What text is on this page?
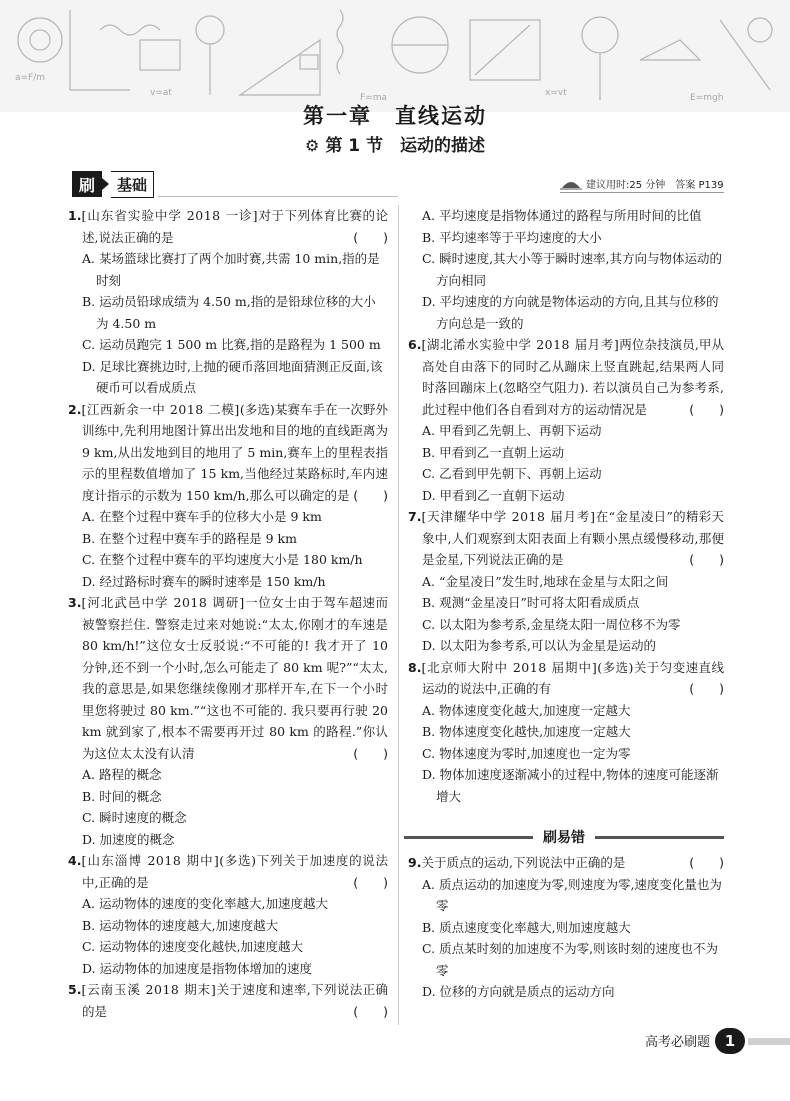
a=F/m
v=at	F=ma	x=vt	E=mgh
第一章　直线运动
⚙ 第 1 节　 运动的描述
刷	基础	建议用时:25 分钟　答案 P139
1.[山东省实验中学 2018 一诊]对于下列体育比赛的论述,说法正确的是	(　　)
A. 某场篮球比赛打了两个加时赛,共需 10 min,指的是时刻
B. 运动员铅球成绩为 4.50 m,指的是铅球位移的大小为 4.50 m
C. 运动员跑完 1 500 m 比赛,指的是路程为 1 500 m
D. 足球比赛挑边时,上抛的硬币落回地面猜测正反面,该硬币可以看成质点
2.[江西新余一中 2018 二模](多选)某赛车手在一次野外训练中,先利用地图计算出出发地和目的地的直线距离为 9 km,从出发地到目的地用了 5 min,赛车上的里程表指示的里程数值增加了 15 km,当他经过某路标时,车内速度计指示的示数为 150 km/h,那么可以确定的是 (　　)
A. 在整个过程中赛车手的位移大小是 9 km
B. 在整个过程中赛车手的路程是 9 km
C. 在整个过程中赛车的平均速度大小是 180 km/h
D. 经过路标时赛车的瞬时速率是 150 km/h
3.[河北武邑中学 2018 调研]一位女士由于驾车超速而被警察拦住. 警察走过来对她说:“太太,你刚才的车速是 80 km/h!”这位女士反驳说:“不可能的! 我才开了 10 分钟,还不到一个小时,怎么可能走了 80 km 呢?”“太太,我的意思是,如果您继续像刚才那样开车,在下一个小时里您将驶过 80 km.”“这也不可能的. 我只要再行驶 20 km 就到家了,根本不需要再开过 80 km 的路程.”你认为这位太太没有认清	(　　)
A. 路程的概念
B. 时间的概念
C. 瞬时速度的概念
D. 加速度的概念
4.[山东淄博 2018 期中](多选)下列关于加速度的说法中,正确的是	(　　)
A. 运动物体的速度的变化率越大,加速度越大
B. 运动物体的速度越大,加速度越大
C. 运动物体的速度变化越快,加速度越大
D. 运动物体的加速度是指物体增加的速度
5.[云南玉溪 2018 期末]关于速度和速率,下列说法正确的是	(　　)
A. 平均速度是指物体通过的路程与所用时间的比值
B. 平均速率等于平均速度的大小
C. 瞬时速度,其大小等于瞬时速率,其方向与物体运动的方向相同
D. 平均速度的方向就是物体运动的方向,且其与位移的方向总是一致的
6.[湖北浠水实验中学 2018 届月考]两位杂技演员,甲从高处自由落下的同时乙从蹦床上竖直跳起,结果两人同时落回蹦床上(忽略空气阻力). 若以演员自己为参考系,此过程中他们各自看到对方的运动情况是	(　　)
A. 甲看到乙先朝上、再朝下运动
B. 甲看到乙一直朝上运动
C. 乙看到甲先朝下、再朝上运动
D. 甲看到乙一直朝下运动
7.[天津耀华中学 2018 届月考]在“金星凌日”的精彩天象中,人们观察到太阳表面上有颗小黑点缓慢移动,那便是金星,下列说法正确的是	(　　)
A. “金星凌日”发生时,地球在金星与太阳之间
B. 观测“金星凌日”时可将太阳看成质点
C. 以太阳为参考系,金星绕太阳一周位移不为零
D. 以太阳为参考系,可以认为金星是运动的
8.[北京师大附中 2018 届期中](多选)关于匀变速直线运动的说法中,正确的有	(　　)
A. 物体速度变化越大,加速度一定越大
B. 物体速度变化越快,加速度一定越大
C. 物体速度为零时,加速度也一定为零
D. 物体加速度逐渐减小的过程中,物体的速度可能逐渐增大
刷易错
9.关于质点的运动,下列说法中正确的是	(　　)
A. 质点运动的加速度为零,则速度为零,速度变化量也为零
B. 质点速度变化率越大,则加速度越大
C. 质点某时刻的加速度不为零,则该时刻的速度也不为零
D. 位移的方向就是质点的运动方向
高考必刷题 1
